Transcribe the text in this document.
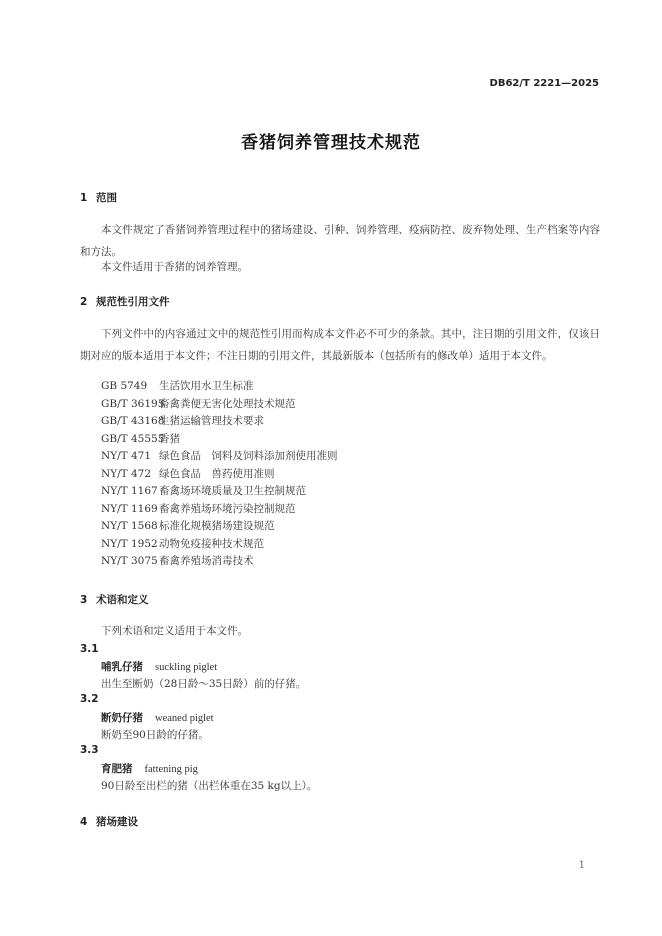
DB62/T 2221—2025
香猪饲养管理技术规范
1 范围
本文件规定了香猪饲养管理过程中的猪场建设、引种、饲养管理、疫病防控、废弃物处理、生产档案等内容和方法。
本文件适用于香猪的饲养管理。
2 规范性引用文件
下列文件中的内容通过文中的规范性引用而构成本文件必不可少的条款。其中，注日期的引用文件，仅该日期对应的版本适用于本文件；不注日期的引用文件，其最新版本（包括所有的修改单）适用于本文件。
GB 5749 生活饮用水卫生标准
GB/T 36195畜禽粪便无害化处理技术规范
GB/T 43168生猪运输管理技术要求
GB/T 45555香猪
NY/T 471 绿色食品　饲料及饲料添加剂使用准则
NY/T 472 绿色食品　兽药使用准则
NY/T 1167畜禽场环境质量及卫生控制规范
NY/T 1169畜禽养殖场环境污染控制规范
NY/T 1568标准化规模猪场建设规范
NY/T 1952动物免疫接种技术规范
NY/T 3075畜禽养殖场消毒技术
3 术语和定义
下列术语和定义适用于本文件。
3.1
哺乳仔猪 suckling piglet
出生至断奶（28日龄～35日龄）前的仔猪。
3.2
断奶仔猪 weaned piglet
断奶至90日龄的仔猪。
3.3
育肥猪 fattening pig
90日龄至出栏的猪（出栏体重在35 kg以上）。
4 猪场建设
1
